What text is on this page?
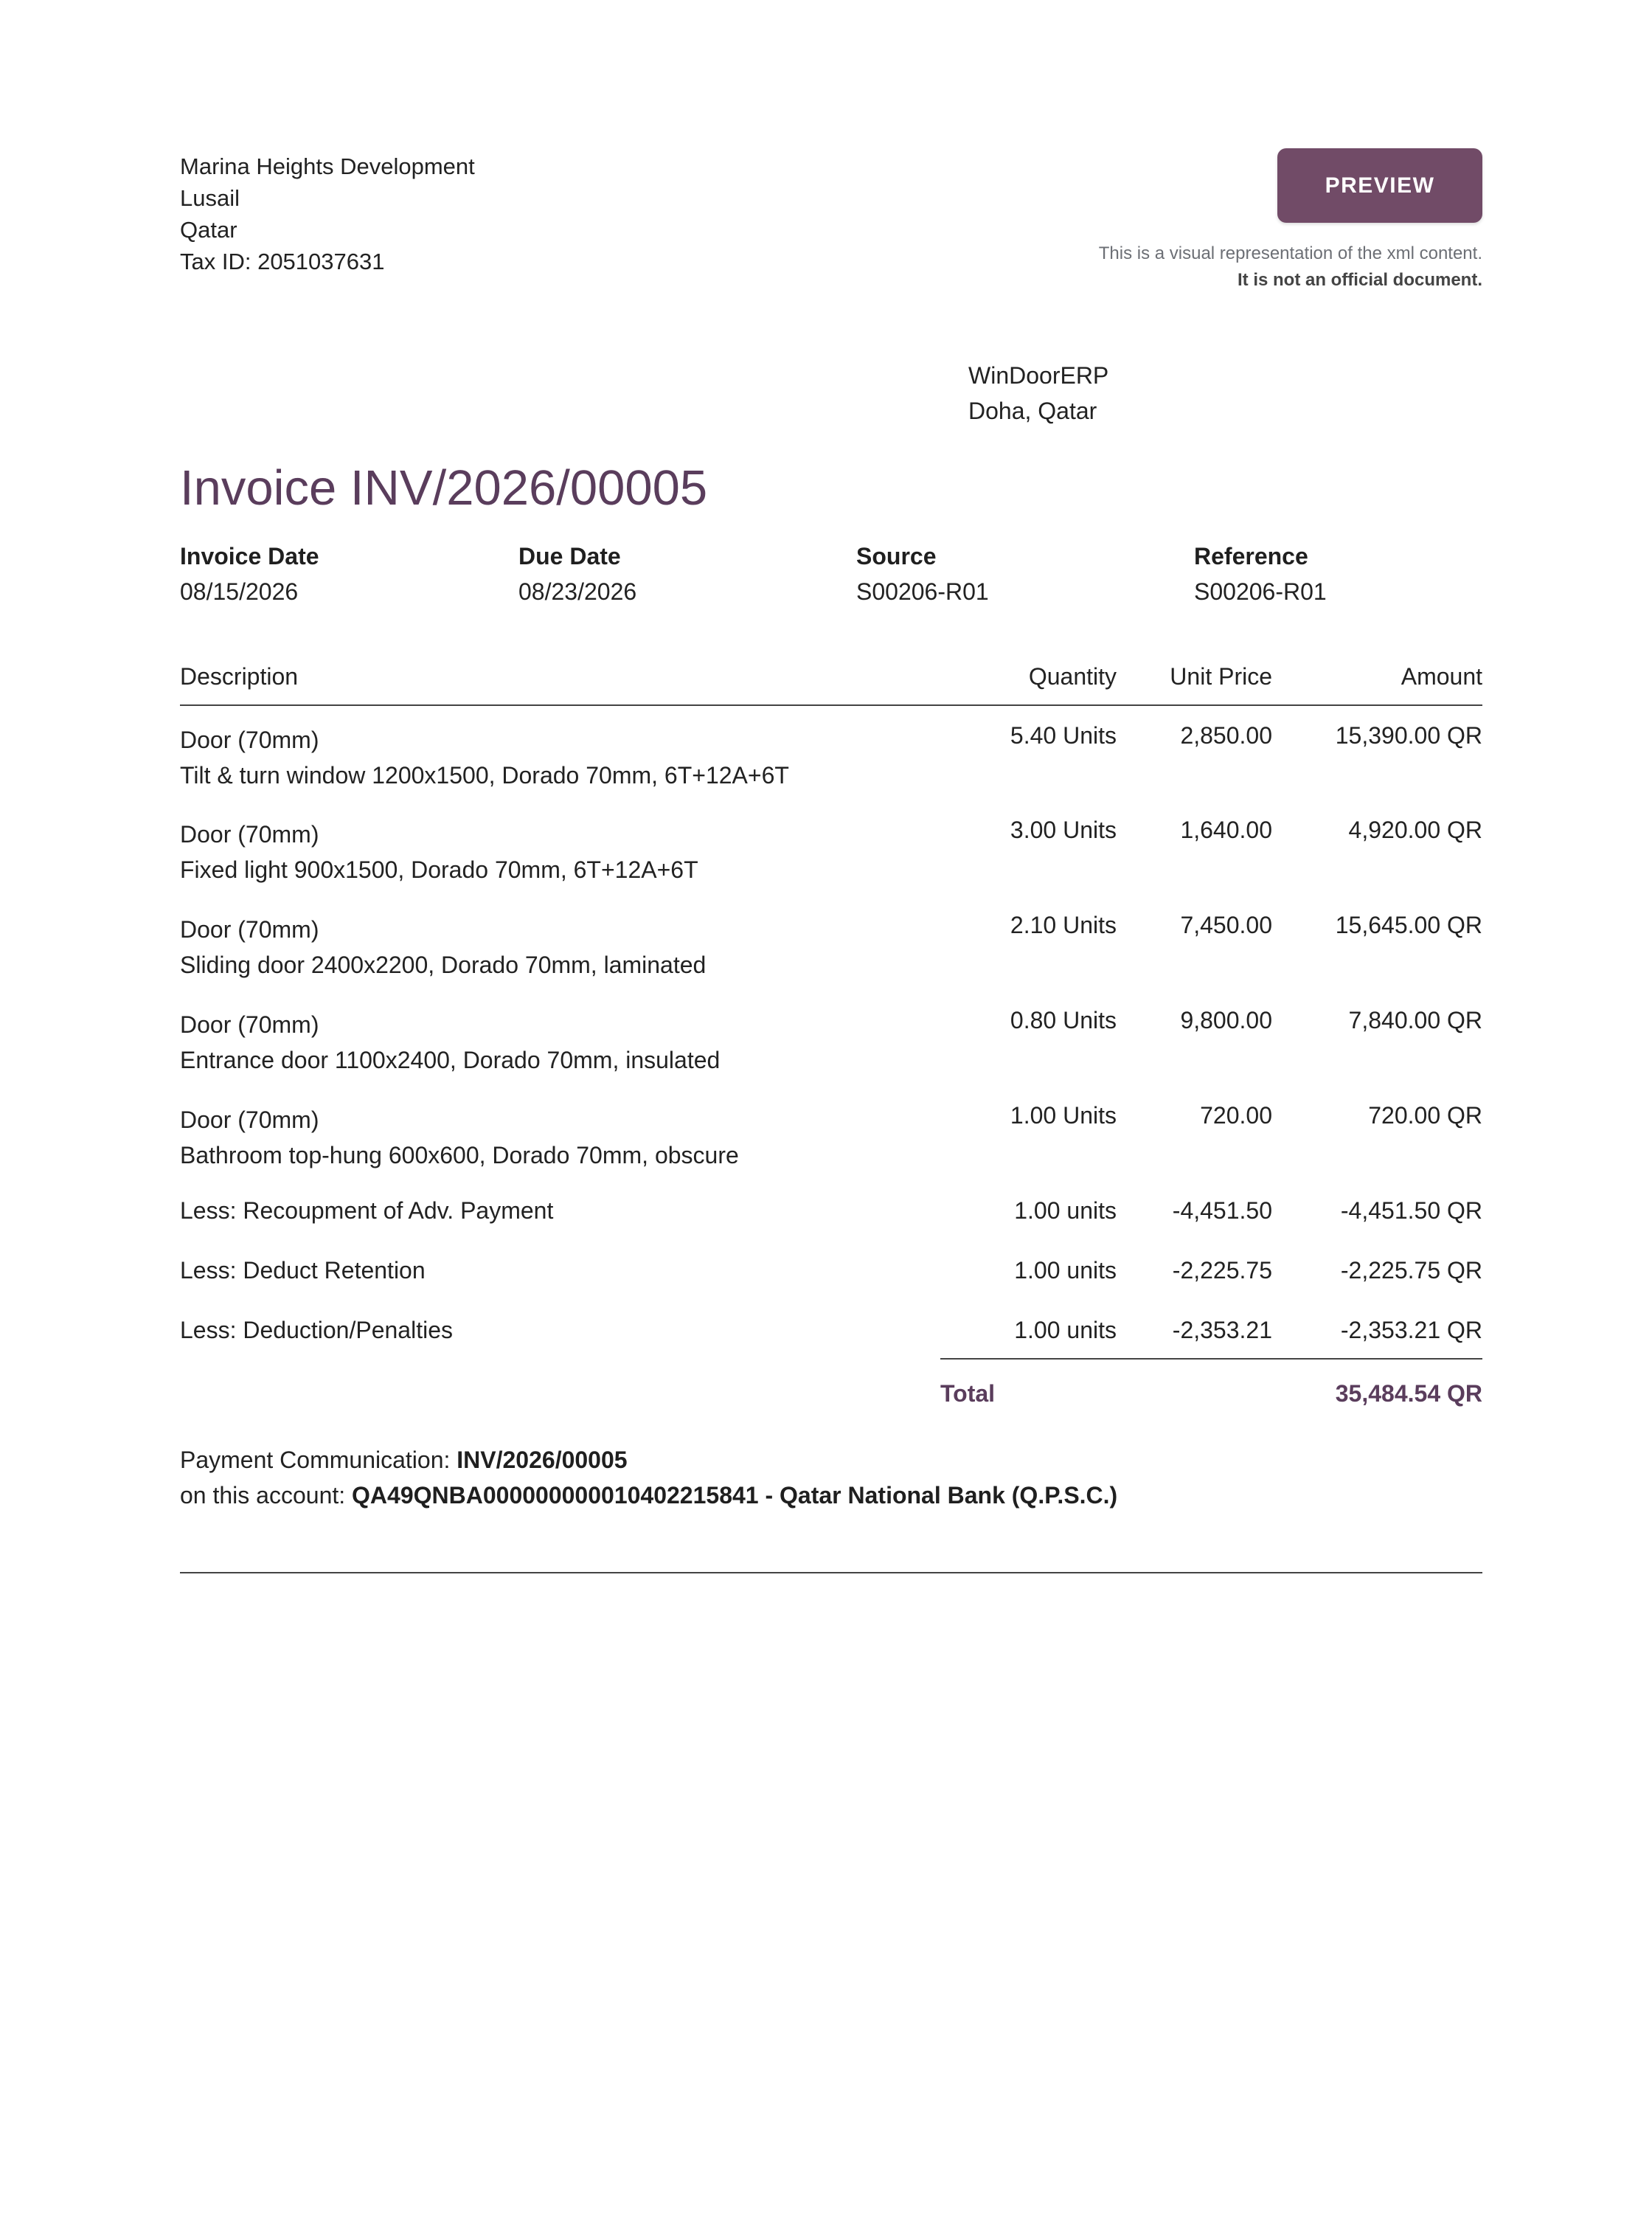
Marina Heights Development
Lusail
Qatar
Tax ID: 2051037631
PREVIEW
This is a visual representation of the xml content.
It is not an official document.
WinDoorERP
Doha, Qatar
Invoice INV/2026/00005
Invoice Date
08/15/2026
Due Date
08/23/2026
Source
S00206-R01
Reference
S00206-R01
Description	Quantity	Unit Price	Amount

Door (70mm)
Tilt & turn window 1200x1500, Dorado 70mm, 6T+12A+6T	5.40 Units	2,850.00	15,390.00 QR

Door (70mm)
Fixed light 900x1500, Dorado 70mm, 6T+12A+6T	3.00 Units	1,640.00	4,920.00 QR

Door (70mm)
Sliding door 2400x2200, Dorado 70mm, laminated	2.10 Units	7,450.00	15,645.00 QR

Door (70mm)
Entrance door 1100x2400, Dorado 70mm, insulated	0.80 Units	9,800.00	7,840.00 QR

Door (70mm)
Bathroom top-hung 600x600, Dorado 70mm, obscure	1.00 Units	720.00	720.00 QR
Less: Recoupment of Adv. Payment	1.00 units	-4,451.50	-4,451.50 QR
Less: Deduct Retention	1.00 units	-2,225.75	-2,225.75 QR
Less: Deduction/Penalties	1.00 units	-2,353.21	-2,353.21 QR
Total	35,484.54 QR
Payment Communication: INV/2026/00005
on this account: QA49QNBA000000000010402215841 - Qatar National Bank (Q.P.S.C.)
